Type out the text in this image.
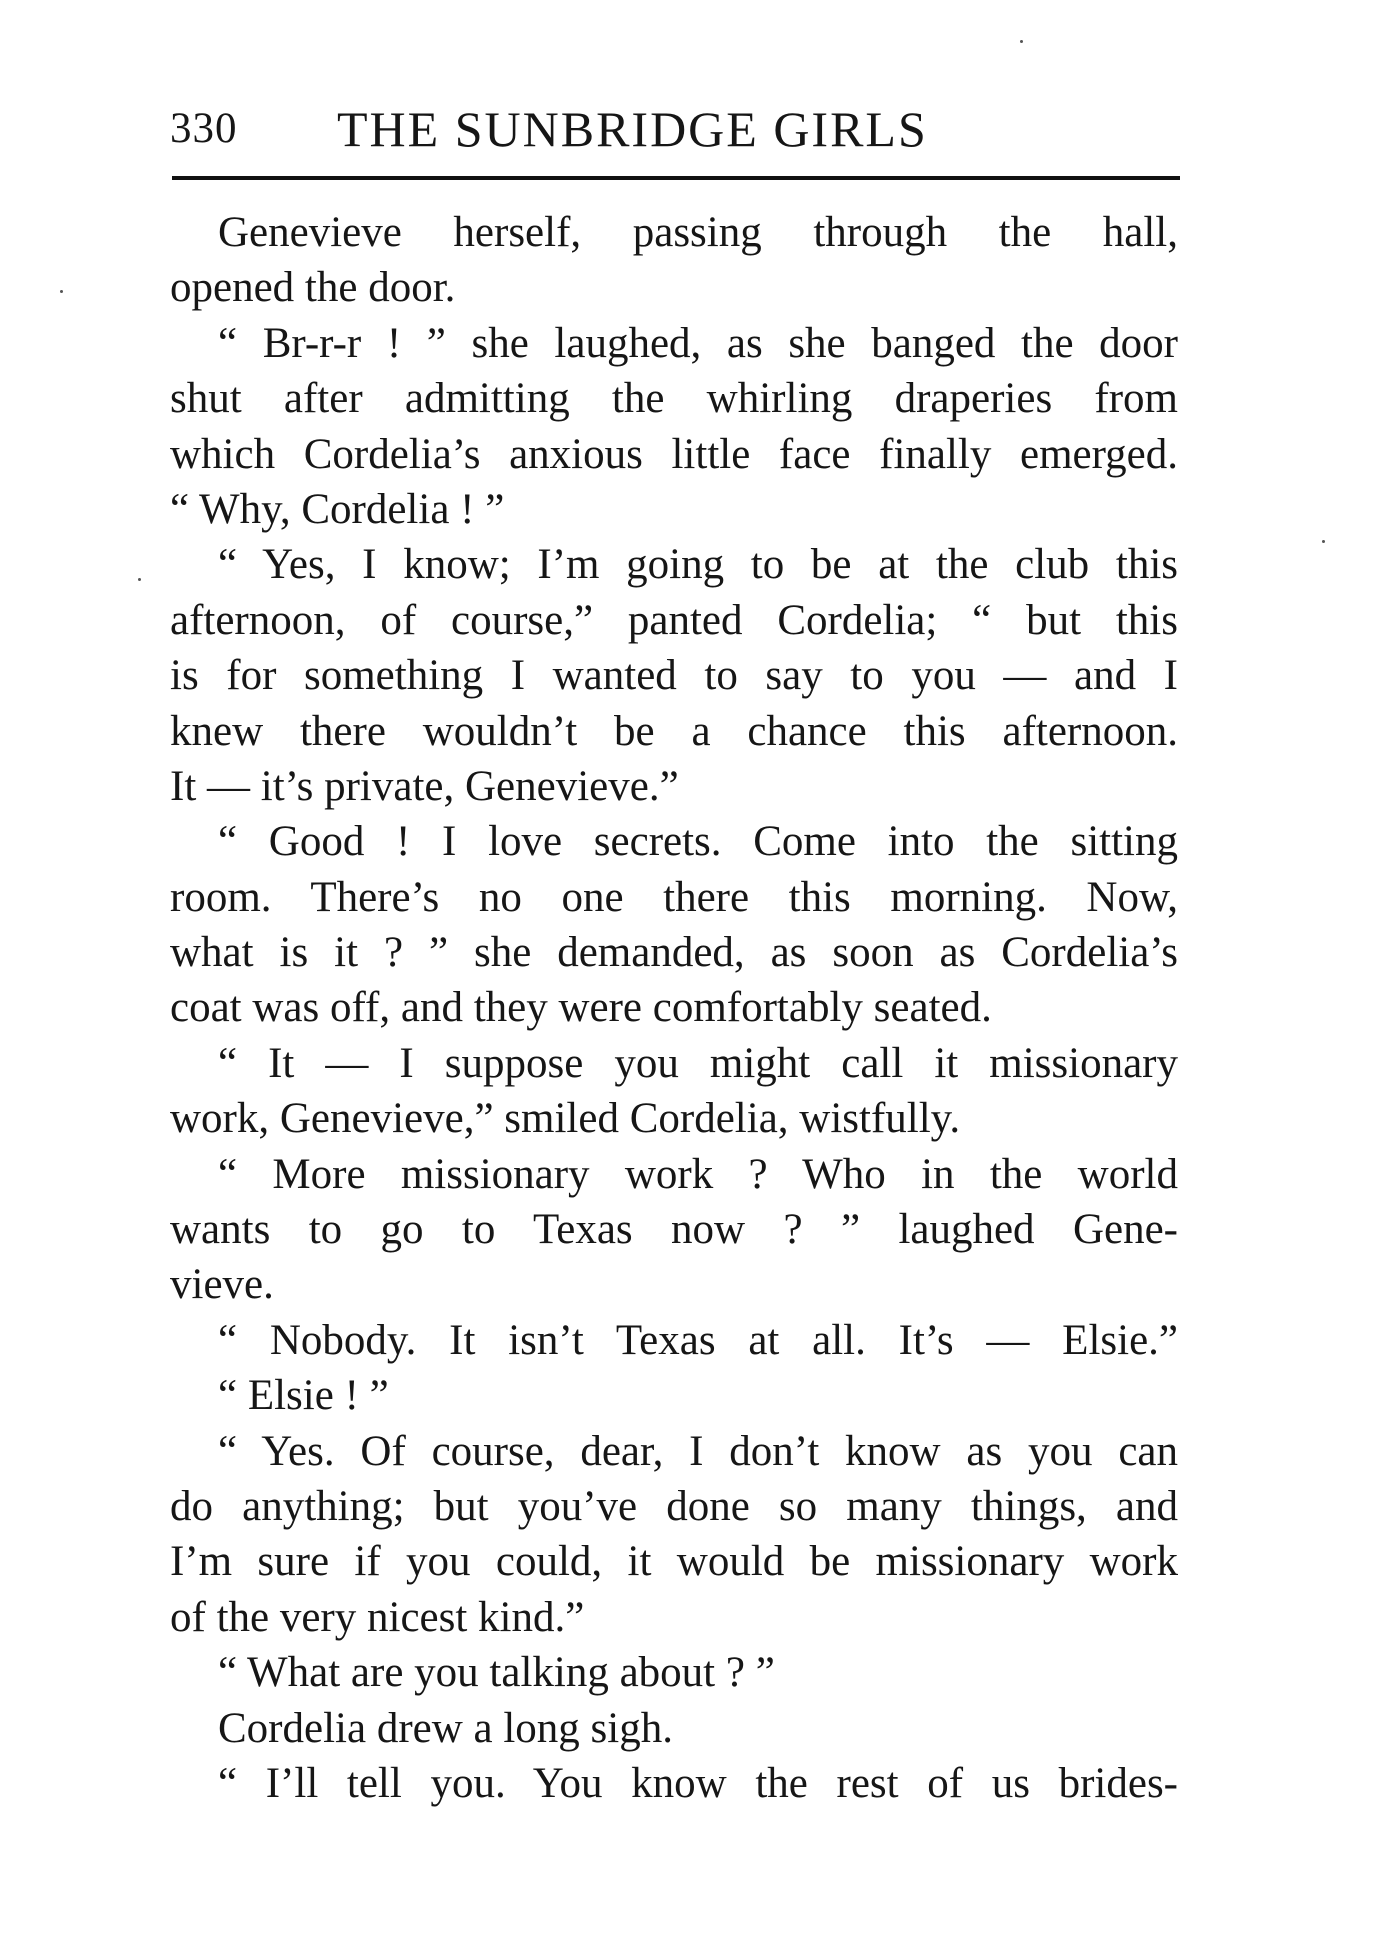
330 THE SUNBRIDGE GIRLS
Genevieve herself, passing through the hall,
opened the door.
“ Br-r-r ! ” she laughed, as she banged the door
shut after admitting the whirling draperies from
which Cordelia’s anxious little face finally emerged.
“ Why, Cordelia ! ”
“ Yes, I know; I’m going to be at the club this
afternoon, of course,” panted Cordelia; “ but this
is for something I wanted to say to you — and I
knew there wouldn’t be a chance this afternoon.
It — it’s private, Genevieve.”
“ Good ! I love secrets. Come into the sitting
room. There’s no one there this morning. Now,
what is it ? ” she demanded, as soon as Cordelia’s
coat was off, and they were comfortably seated.
“ It — I suppose you might call it missionary
work, Genevieve,” smiled Cordelia, wistfully.
“ More missionary work ? Who in the world
wants to go to Texas now ? ” laughed Gene-
vieve.
“ Nobody. It isn’t Texas at all. It’s — Elsie.”
“ Elsie ! ”
“ Yes. Of course, dear, I don’t know as you can
do anything; but you’ve done so many things, and
I’m sure if you could, it would be missionary work
of the very nicest kind.”
“ What are you talking about ? ”
Cordelia drew a long sigh.
“ I’ll tell you. You know the rest of us brides-
